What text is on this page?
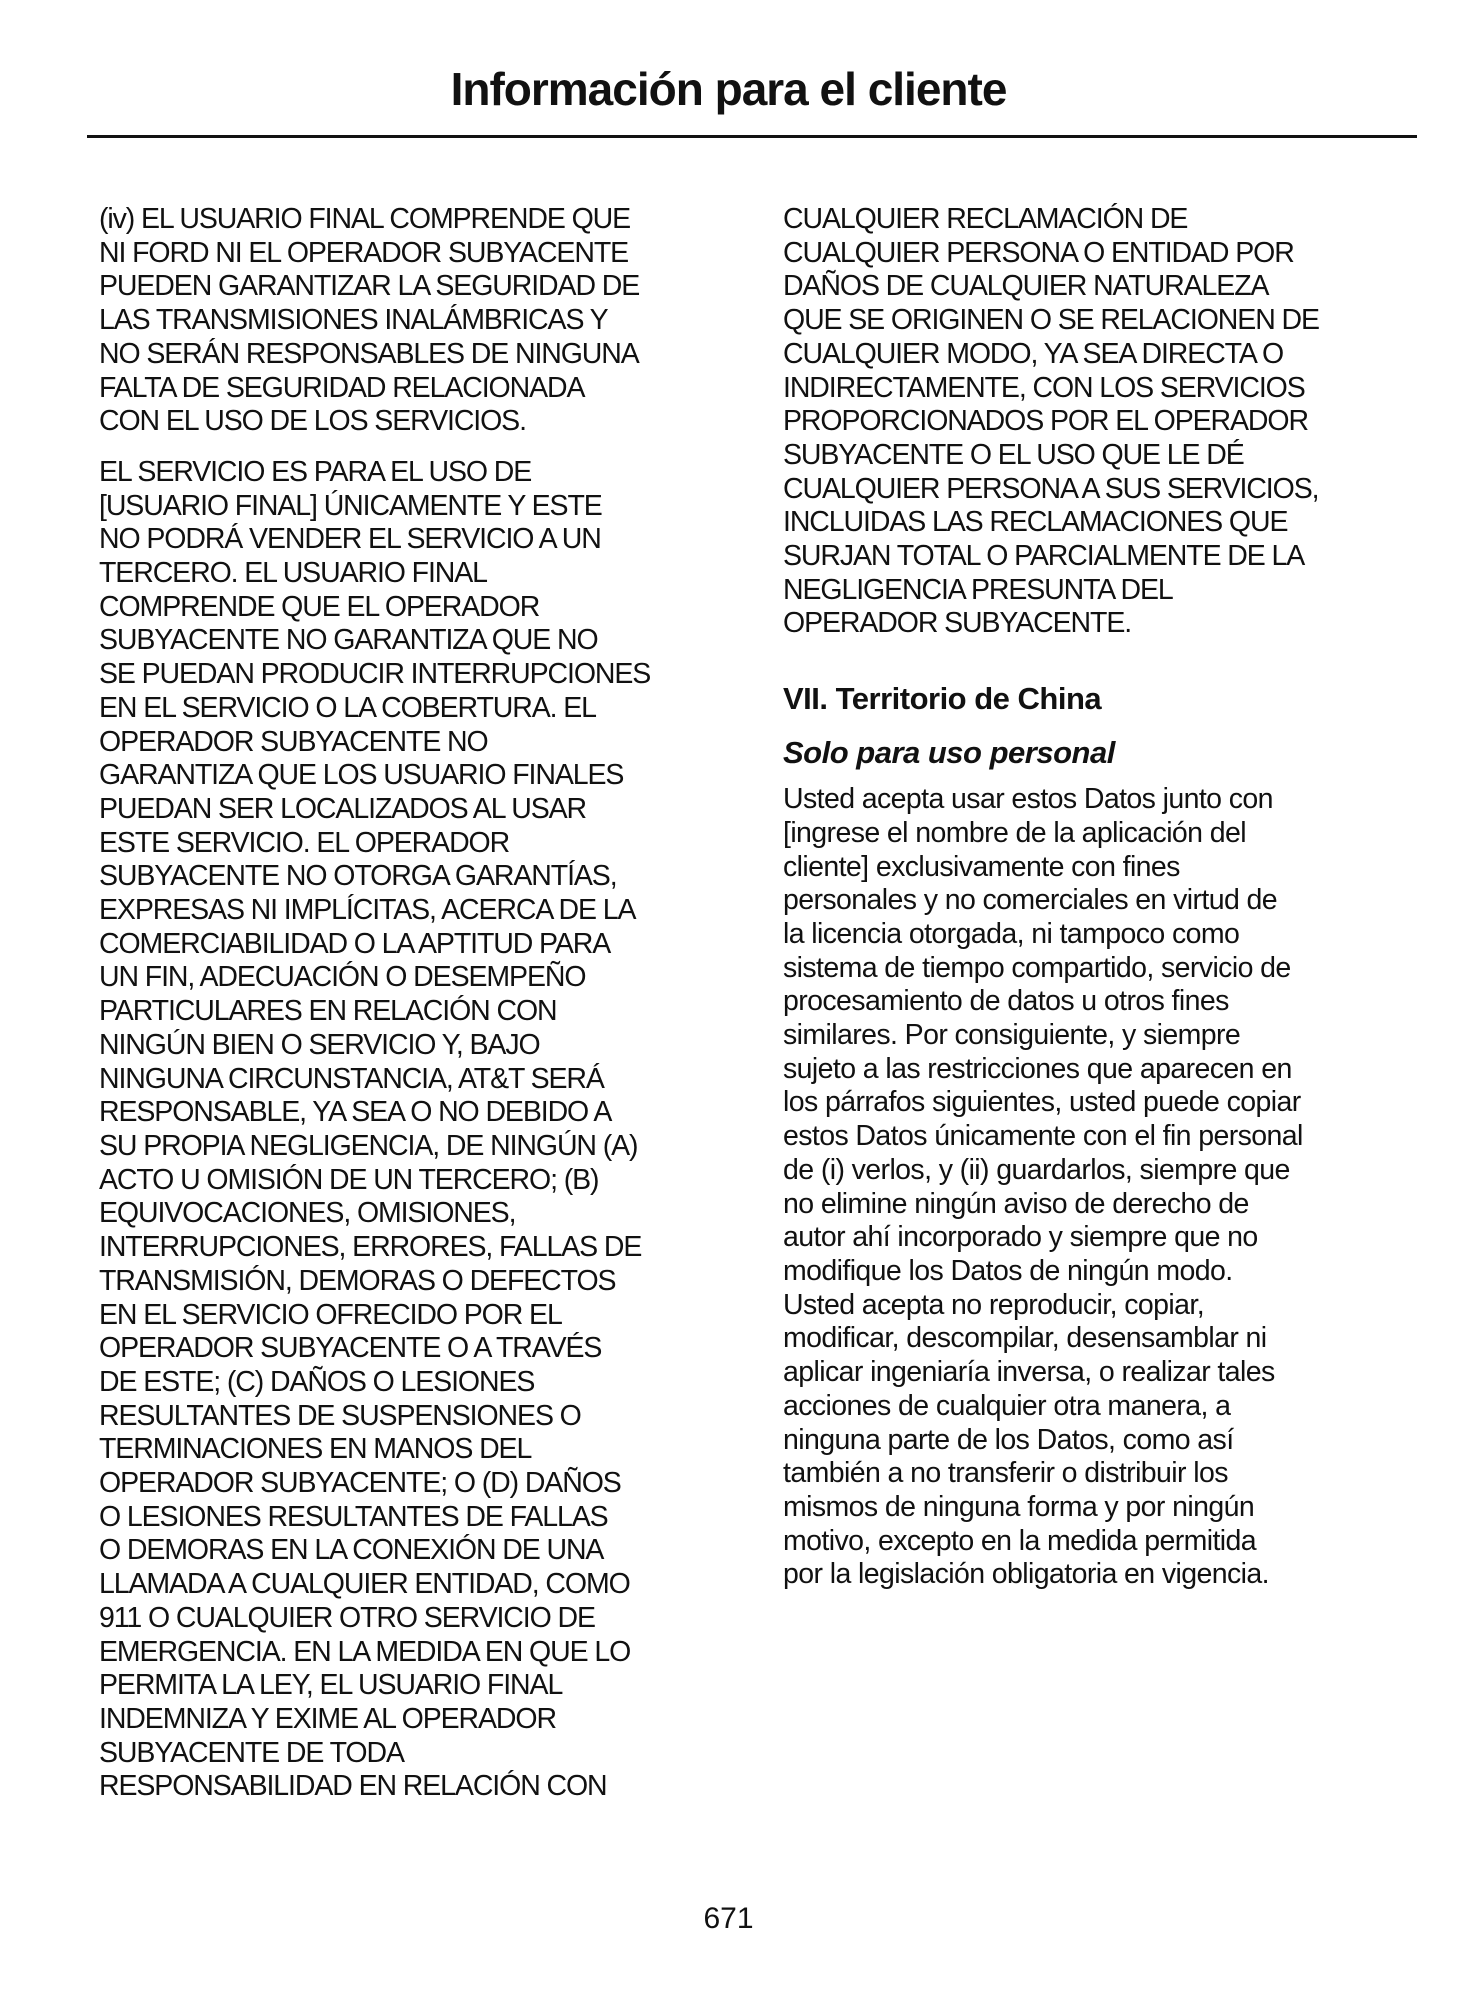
Información para el cliente
(iv) EL USUARIO FINAL COMPRENDE QUE
NI FORD NI EL OPERADOR SUBYACENTE
PUEDEN GARANTIZAR LA SEGURIDAD DE
LAS TRANSMISIONES INALÁMBRICAS Y
NO SERÁN RESPONSABLES DE NINGUNA
FALTA DE SEGURIDAD RELACIONADA
CON EL USO DE LOS SERVICIOS.
EL SERVICIO ES PARA EL USO DE
[USUARIO FINAL] ÚNICAMENTE Y ESTE
NO PODRÁ VENDER EL SERVICIO A UN
TERCERO. EL USUARIO FINAL
COMPRENDE QUE EL OPERADOR
SUBYACENTE NO GARANTIZA QUE NO
SE PUEDAN PRODUCIR INTERRUPCIONES
EN EL SERVICIO O LA COBERTURA. EL
OPERADOR SUBYACENTE NO
GARANTIZA QUE LOS USUARIO FINALES
PUEDAN SER LOCALIZADOS AL USAR
ESTE SERVICIO. EL OPERADOR
SUBYACENTE NO OTORGA GARANTÍAS,
EXPRESAS NI IMPLÍCITAS, ACERCA DE LA
COMERCIABILIDAD O LA APTITUD PARA
UN FIN, ADECUACIÓN O DESEMPEÑO
PARTICULARES EN RELACIÓN CON
NINGÚN BIEN O SERVICIO Y, BAJO
NINGUNA CIRCUNSTANCIA, AT&T SERÁ
RESPONSABLE, YA SEA O NO DEBIDO A
SU PROPIA NEGLIGENCIA, DE NINGÚN (A)
ACTO U OMISIÓN DE UN TERCERO; (B)
EQUIVOCACIONES, OMISIONES,
INTERRUPCIONES, ERRORES, FALLAS DE
TRANSMISIÓN, DEMORAS O DEFECTOS
EN EL SERVICIO OFRECIDO POR EL
OPERADOR SUBYACENTE O A TRAVÉS
DE ESTE; (C) DAÑOS O LESIONES
RESULTANTES DE SUSPENSIONES O
TERMINACIONES EN MANOS DEL
OPERADOR SUBYACENTE; O (D) DAÑOS
O LESIONES RESULTANTES DE FALLAS
O DEMORAS EN LA CONEXIÓN DE UNA
LLAMADA A CUALQUIER ENTIDAD, COMO
911 O CUALQUIER OTRO SERVICIO DE
EMERGENCIA. EN LA MEDIDA EN QUE LO
PERMITA LA LEY, EL USUARIO FINAL
INDEMNIZA Y EXIME AL OPERADOR
SUBYACENTE DE TODA
RESPONSABILIDAD EN RELACIÓN CON
CUALQUIER RECLAMACIÓN DE
CUALQUIER PERSONA O ENTIDAD POR
DAÑOS DE CUALQUIER NATURALEZA
QUE SE ORIGINEN O SE RELACIONEN DE
CUALQUIER MODO, YA SEA DIRECTA O
INDIRECTAMENTE, CON LOS SERVICIOS
PROPORCIONADOS POR EL OPERADOR
SUBYACENTE O EL USO QUE LE DÉ
CUALQUIER PERSONA A SUS SERVICIOS,
INCLUIDAS LAS RECLAMACIONES QUE
SURJAN TOTAL O PARCIALMENTE DE LA
NEGLIGENCIA PRESUNTA DEL
OPERADOR SUBYACENTE.
VII. Territorio de China
Solo para uso personal
Usted acepta usar estos Datos junto con
[ingrese el nombre de la aplicación del
cliente] exclusivamente con fines
personales y no comerciales en virtud de
la licencia otorgada, ni tampoco como
sistema de tiempo compartido, servicio de
procesamiento de datos u otros fines
similares. Por consiguiente, y siempre
sujeto a las restricciones que aparecen en
los párrafos siguientes, usted puede copiar
estos Datos únicamente con el fin personal
de (i) verlos, y (ii) guardarlos, siempre que
no elimine ningún aviso de derecho de
autor ahí incorporado y siempre que no
modifique los Datos de ningún modo.
Usted acepta no reproducir, copiar,
modificar, descompilar, desensamblar ni
aplicar ingeniaría inversa, o realizar tales
acciones de cualquier otra manera, a
ninguna parte de los Datos, como así
también a no transferir o distribuir los
mismos de ninguna forma y por ningún
motivo, excepto en la medida permitida
por la legislación obligatoria en vigencia.
671
